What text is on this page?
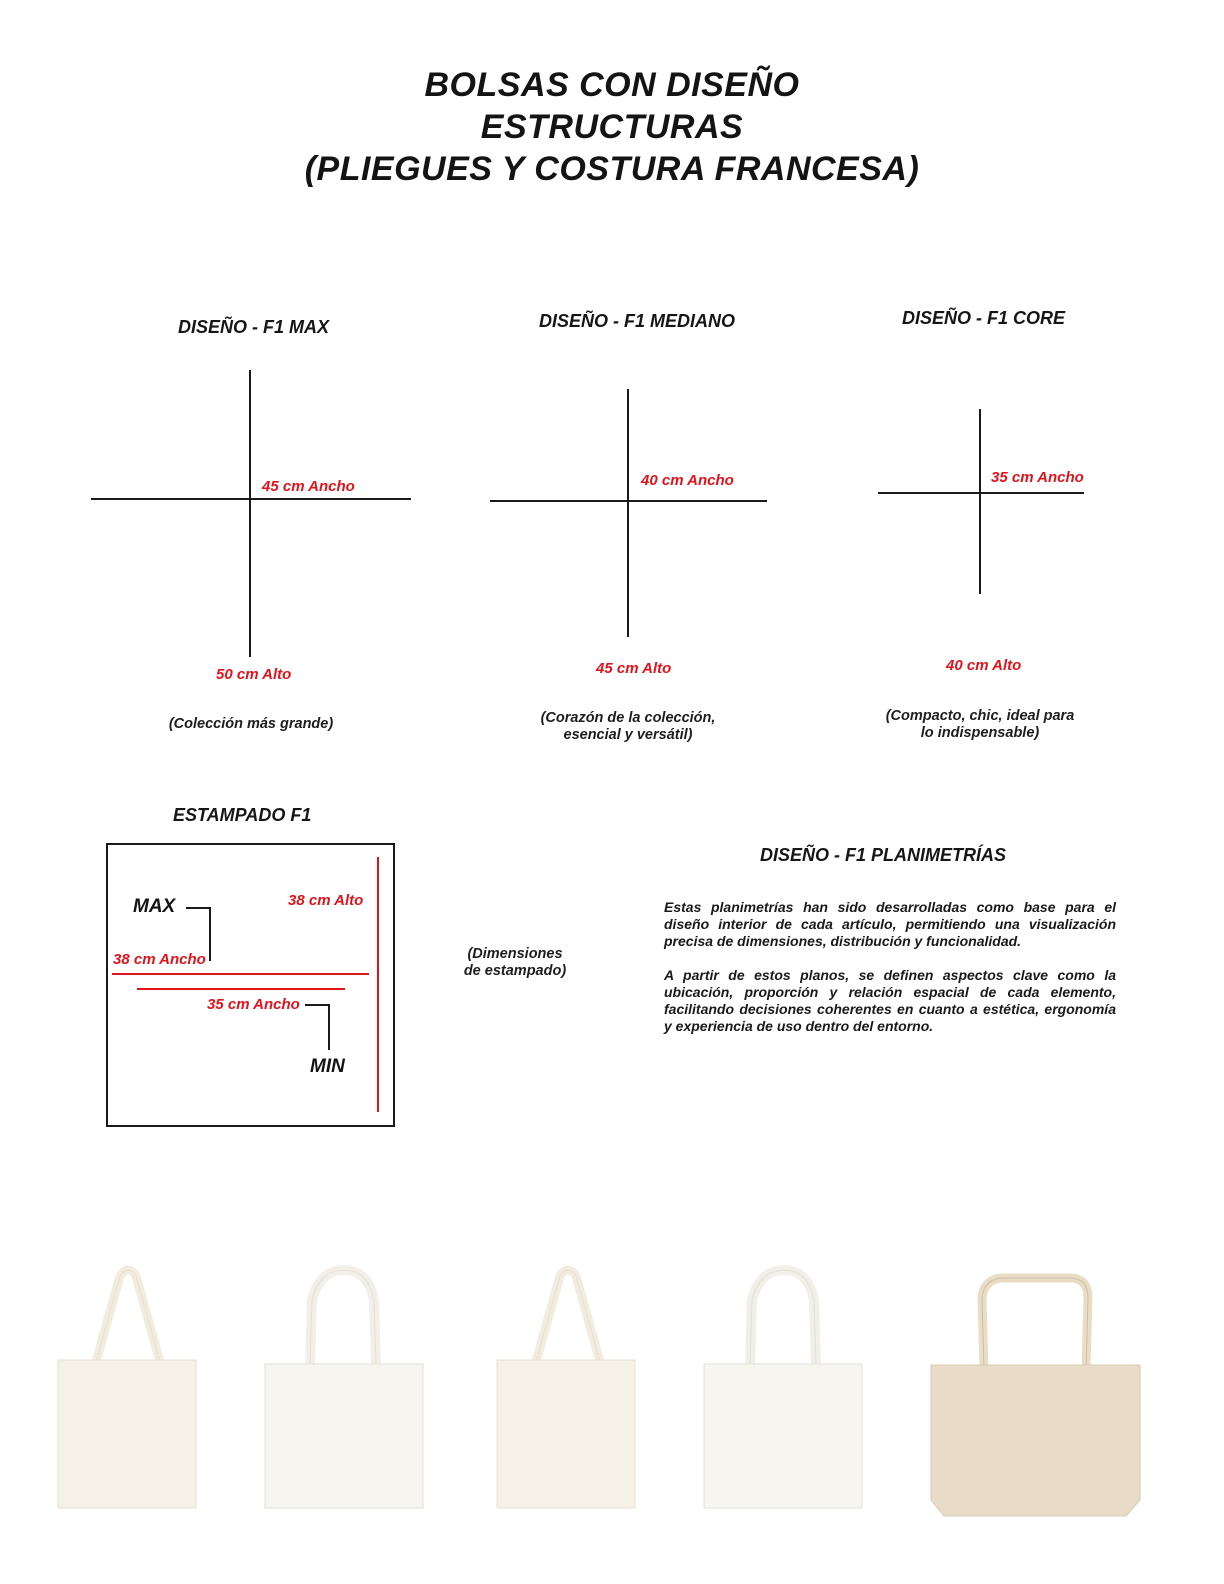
BOLSAS CON DISEÑO
ESTRUCTURAS
(PLIEGUES Y COSTURA FRANCESA)
DISEÑO - F1 MAX
45 cm Ancho
50 cm Alto
(Colección más grande)
DISEÑO - F1 MEDIANO
40 cm Ancho
45 cm Alto
(Corazón de la colección,
esencial y versátil)
DISEÑO - F1 CORE
35 cm Ancho
40 cm Alto
(Compacto, chic, ideal para
lo indispensable)
ESTAMPADO F1
38 cm Alto
MAX
38 cm Ancho
35 cm Ancho
MIN
(Dimensiones
de estampado)
DISEÑO - F1 PLANIMETRÍAS

Estas planimetrías han sido desarrolladas como base para el diseño interior de cada artículo, permitiendo una visualización precisa de dimensiones, distribución y funcionalidad.

A partir de estos planos, se definen aspectos clave como la ubicación, proporción y relación espacial de cada elemento, facilitando decisiones coherentes en cuanto a estética, ergonomía y experiencia de uso dentro del entorno.
